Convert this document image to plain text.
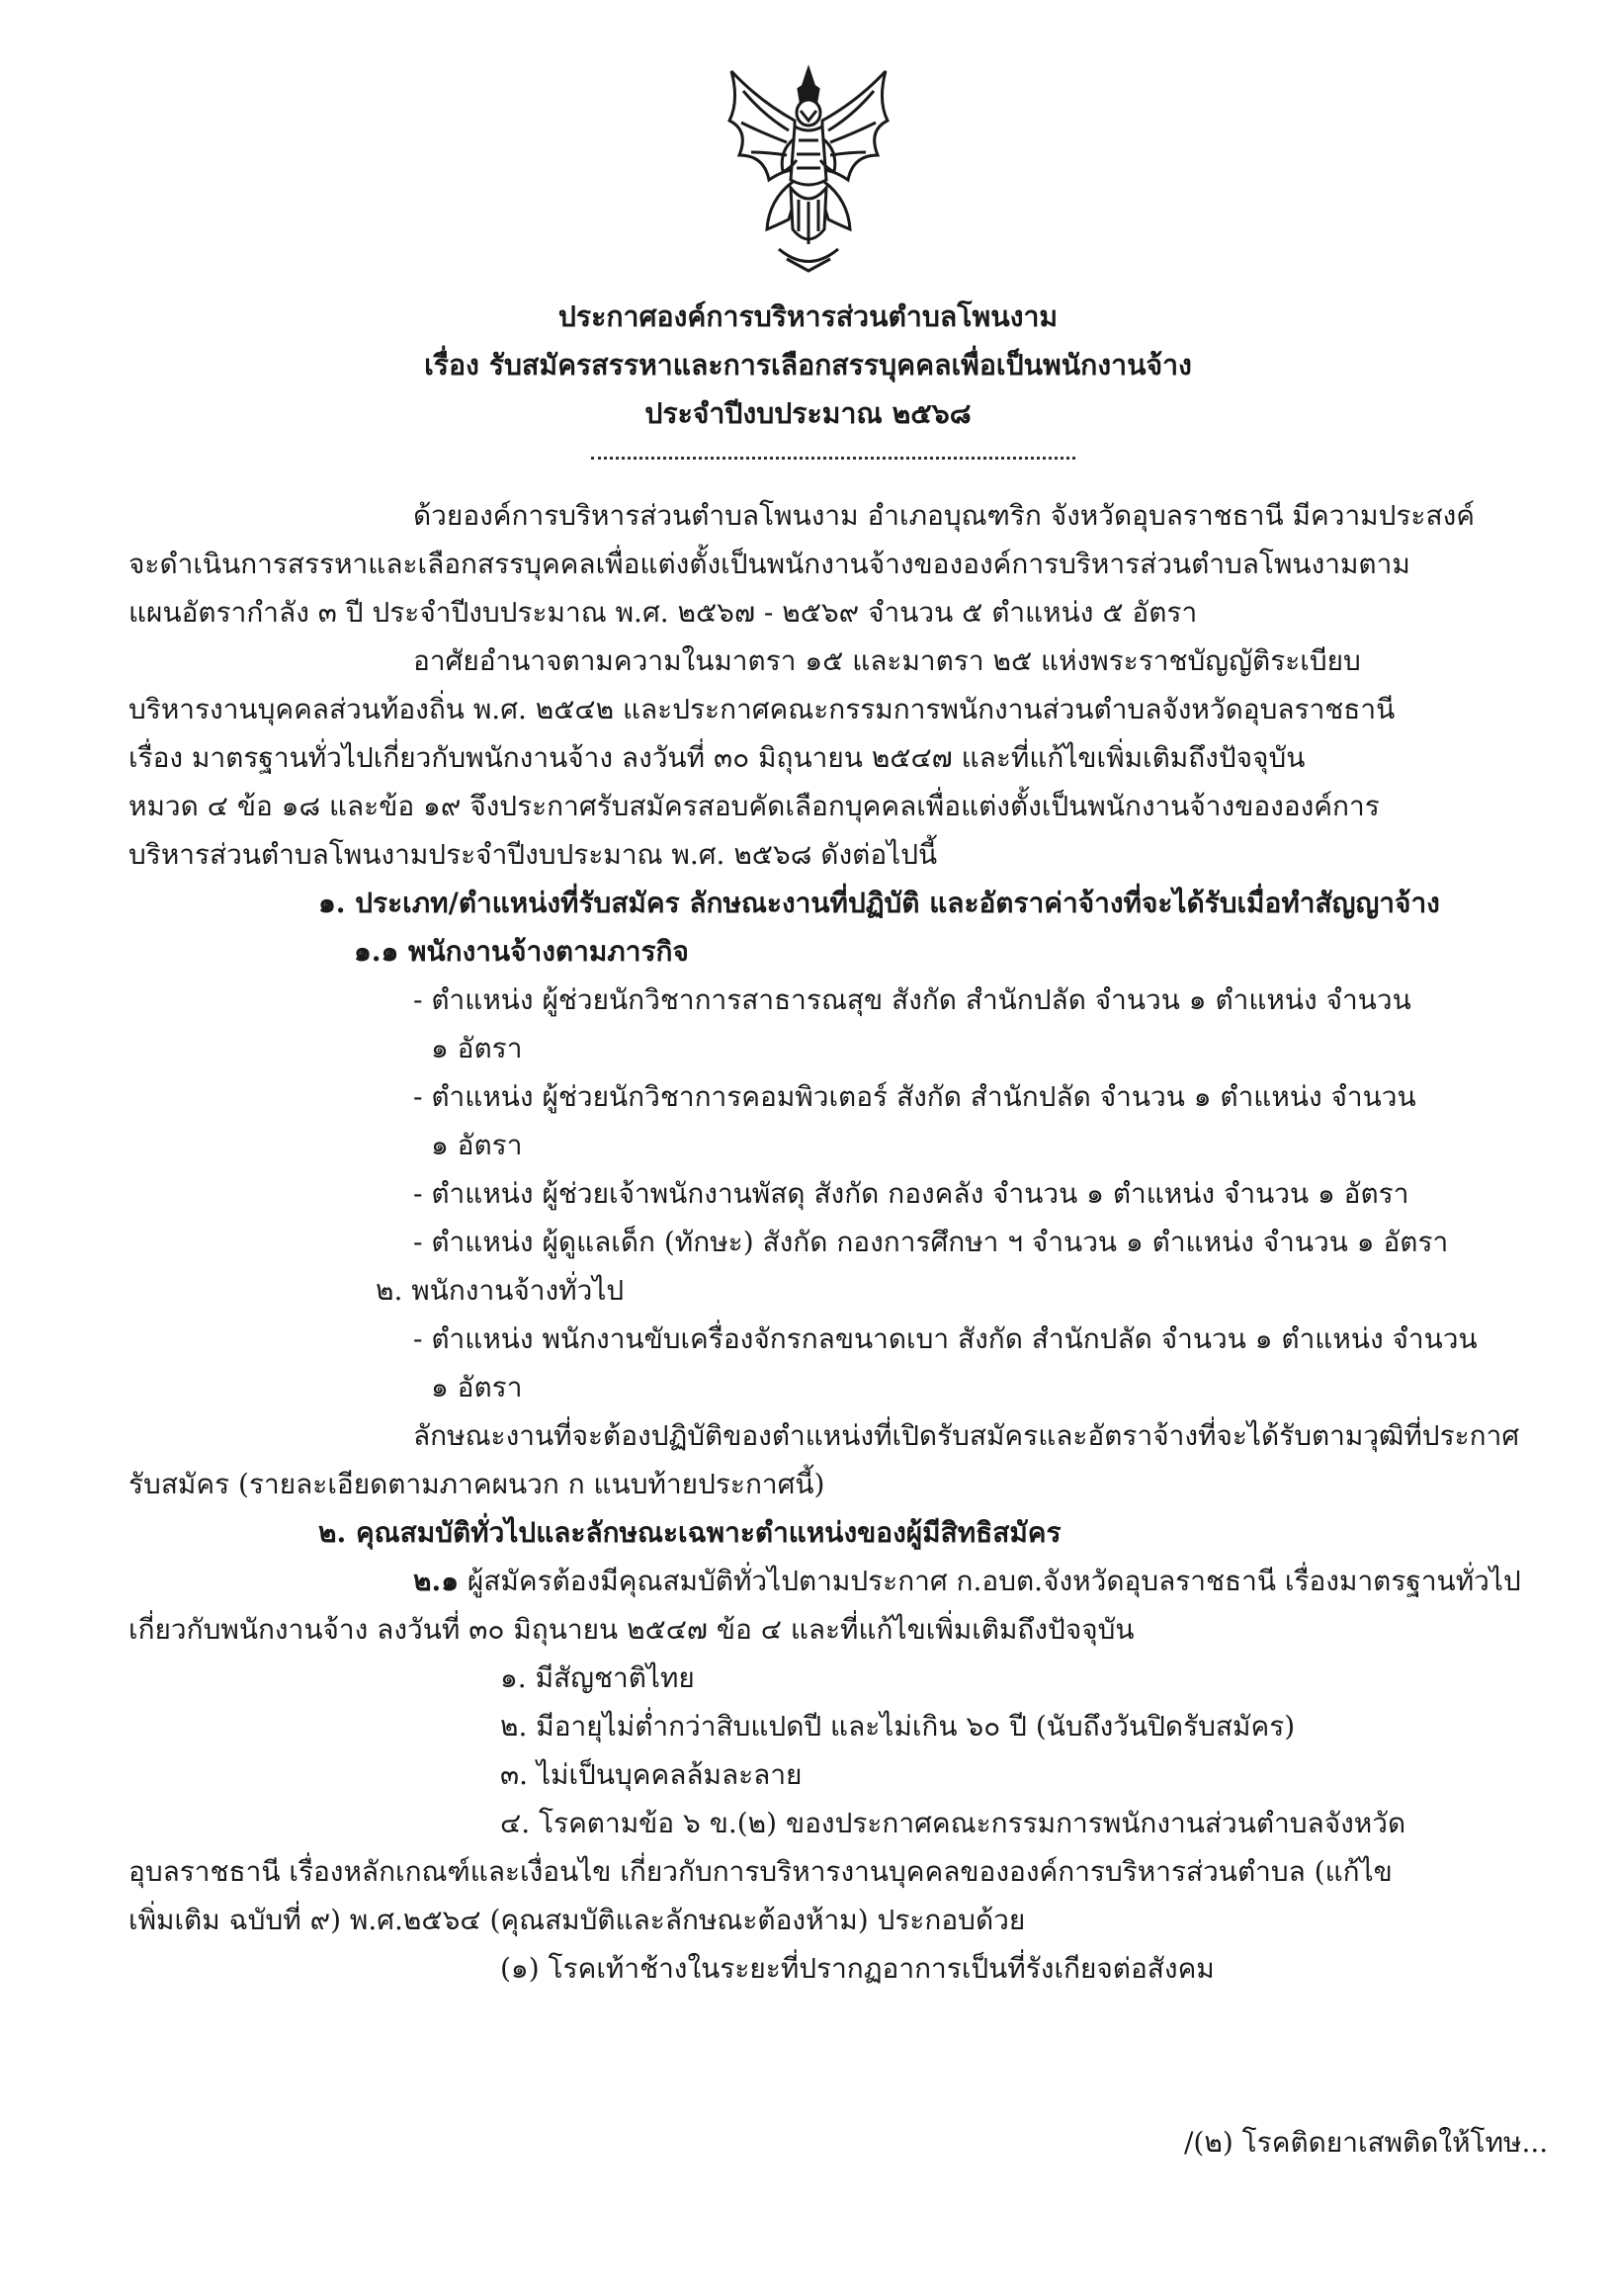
ประกาศองค์การบริหารส่วนตำบลโพนงาม
เรื่อง รับสมัครสรรหาและการเลือกสรรบุคคลเพื่อเป็นพนักงานจ้าง
ประจำปีงบประมาณ ๒๕๖๘
ด้วยองค์การบริหารส่วนตำบลโพนงาม อำเภอบุณฑริก จังหวัดอุบลราชธานี มีความประสงค์
จะดำเนินการสรรหาและเลือกสรรบุคคลเพื่อแต่งตั้งเป็นพนักงานจ้างขององค์การบริหารส่วนตำบลโพนงามตาม
แผนอัตรากำลัง ๓ ปี ประจำปีงบประมาณ พ.ศ. ๒๕๖๗ - ๒๕๖๙ จำนวน ๕ ตำแหน่ง ๕ อัตรา
อาศัยอำนาจตามความในมาตรา ๑๕ และมาตรา ๒๕ แห่งพระราชบัญญัติระเบียบ
บริหารงานบุคคลส่วนท้องถิ่น พ.ศ. ๒๕๔๒ และประกาศคณะกรรมการพนักงานส่วนตำบลจังหวัดอุบลราชธานี
เรื่อง มาตรฐานทั่วไปเกี่ยวกับพนักงานจ้าง ลงวันที่ ๓๐ มิถุนายน ๒๕๔๗ และที่แก้ไขเพิ่มเติมถึงปัจจุบัน
หมวด ๔ ข้อ ๑๘ และข้อ ๑๙ จึงประกาศรับสมัครสอบคัดเลือกบุคคลเพื่อแต่งตั้งเป็นพนักงานจ้างขององค์การ
บริหารส่วนตำบลโพนงามประจำปีงบประมาณ พ.ศ. ๒๕๖๘ ดังต่อไปนี้
๑. ประเภท/ตำแหน่งที่รับสมัคร ลักษณะงานที่ปฏิบัติ และอัตราค่าจ้างที่จะได้รับเมื่อทำสัญญาจ้าง
๑.๑ พนักงานจ้างตามภารกิจ
- ตำแหน่ง ผู้ช่วยนักวิชาการสาธารณสุข สังกัด สำนักปลัด จำนวน ๑ ตำแหน่ง จำนวน
๑ อัตรา
- ตำแหน่ง ผู้ช่วยนักวิชาการคอมพิวเตอร์ สังกัด สำนักปลัด จำนวน ๑ ตำแหน่ง จำนวน
๑ อัตรา
- ตำแหน่ง ผู้ช่วยเจ้าพนักงานพัสดุ สังกัด กองคลัง จำนวน ๑ ตำแหน่ง จำนวน ๑ อัตรา
- ตำแหน่ง ผู้ดูแลเด็ก (ทักษะ) สังกัด กองการศึกษา ฯ จำนวน ๑ ตำแหน่ง จำนวน ๑ อัตรา
๒. พนักงานจ้างทั่วไป
- ตำแหน่ง พนักงานขับเครื่องจักรกลขนาดเบา สังกัด สำนักปลัด จำนวน ๑ ตำแหน่ง จำนวน
๑ อัตรา
ลักษณะงานที่จะต้องปฏิบัติของตำแหน่งที่เปิดรับสมัครและอัตราจ้างที่จะได้รับตามวุฒิที่ประกาศ
รับสมัคร (รายละเอียดตามภาคผนวก ก แนบท้ายประกาศนี้)
๒. คุณสมบัติทั่วไปและลักษณะเฉพาะตำแหน่งของผู้มีสิทธิสมัคร
๒.๑ ผู้สมัครต้องมีคุณสมบัติทั่วไปตามประกาศ ก.อบต.จังหวัดอุบลราชธานี เรื่องมาตรฐานทั่วไป
เกี่ยวกับพนักงานจ้าง ลงวันที่ ๓๐ มิถุนายน ๒๕๔๗ ข้อ ๔ และที่แก้ไขเพิ่มเติมถึงปัจจุบัน
๑. มีสัญชาติไทย
๒. มีอายุไม่ต่ำกว่าสิบแปดปี และไม่เกิน ๖๐ ปี (นับถึงวันปิดรับสมัคร)
๓. ไม่เป็นบุคคลล้มละลาย
๔. โรคตามข้อ ๖ ข.(๒) ของประกาศคณะกรรมการพนักงานส่วนตำบลจังหวัด
อุบลราชธานี เรื่องหลักเกณฑ์และเงื่อนไข เกี่ยวกับการบริหารงานบุคคลขององค์การบริหารส่วนตำบล (แก้ไข
เพิ่มเติม ฉบับที่ ๙) พ.ศ.๒๕๖๔ (คุณสมบัติและลักษณะต้องห้าม) ประกอบด้วย
(๑) โรคเท้าช้างในระยะที่ปรากฏอาการเป็นที่รังเกียจต่อสังคม
/(๒) โรคติดยาเสพติดให้โทษ...
